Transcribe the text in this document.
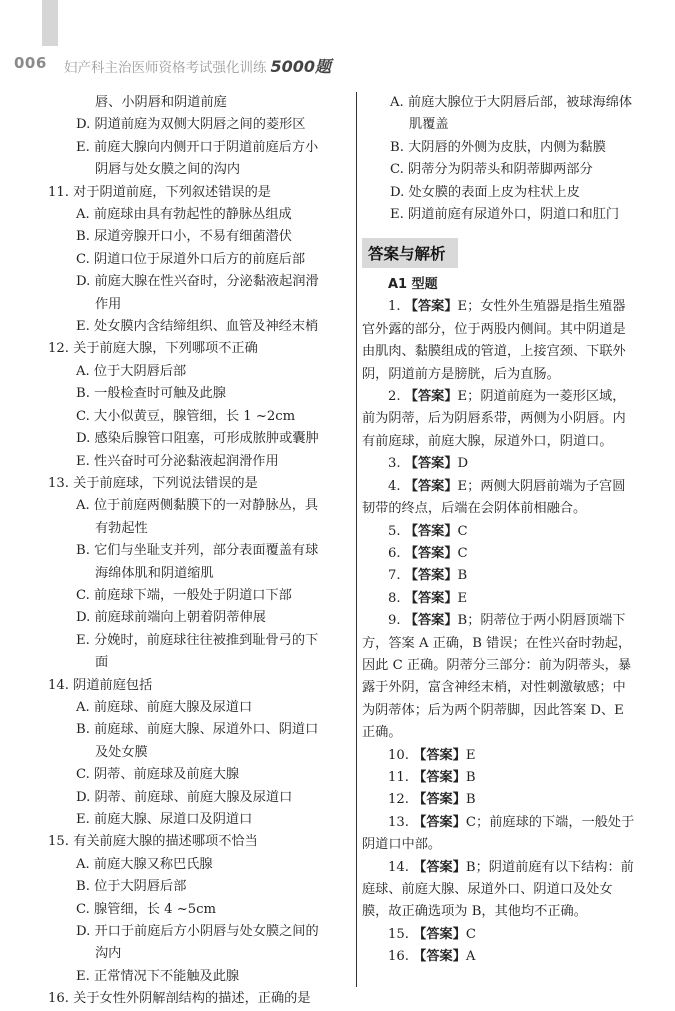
006 妇产科主治医师资格考试强化训练 5000题
唇、小阴唇和阴道前庭
D. 阴道前庭为双侧大阴唇之间的菱形区
E. 前庭大腺向内侧开口于阴道前庭后方小
阴唇与处女膜之间的沟内
11. 对于阴道前庭，下列叙述错误的是
A. 前庭球由具有勃起性的静脉丛组成
B. 尿道旁腺开口小，不易有细菌潜伏
C. 阴道口位于尿道外口后方的前庭后部
D. 前庭大腺在性兴奋时，分泌黏液起润滑
作用
E. 处女膜内含结缔组织、血管及神经末梢
12. 关于前庭大腺，下列哪项不正确
A. 位于大阴唇后部
B. 一般检查时可触及此腺
C. 大小似黄豆，腺管细，长 1 ~2cm
D. 感染后腺管口阻塞，可形成脓肿或囊肿
E. 性兴奋时可分泌黏液起润滑作用
13. 关于前庭球，下列说法错误的是
A. 位于前庭两侧黏膜下的一对静脉丛，具
有勃起性
B. 它们与坐耻支并列，部分表面覆盖有球
海绵体肌和阴道缩肌
C. 前庭球下端，一般处于阴道口下部
D. 前庭球前端向上朝着阴蒂伸展
E. 分娩时，前庭球往往被推到耻骨弓的下
面
14. 阴道前庭包括
A. 前庭球、前庭大腺及尿道口
B. 前庭球、前庭大腺、尿道外口、阴道口
及处女膜
C. 阴蒂、前庭球及前庭大腺
D. 阴蒂、前庭球、前庭大腺及尿道口
E. 前庭大腺、尿道口及阴道口
15. 有关前庭大腺的描述哪项不恰当
A. 前庭大腺又称巴氏腺
B. 位于大阴唇后部
C. 腺管细，长 4 ~5cm
D. 开口于前庭后方小阴唇与处女膜之间的
沟内
E. 正常情况下不能触及此腺
16. 关于女性外阴解剖结构的描述，正确的是
A. 前庭大腺位于大阴唇后部，被球海绵体
肌覆盖
B. 大阴唇的外侧为皮肤，内侧为黏膜
C. 阴蒂分为阴蒂头和阴蒂脚两部分
D. 处女膜的表面上皮为柱状上皮
E. 阴道前庭有尿道外口，阴道口和肛门
答案与解析
A1 型题
1. 【答案】E；女性外生殖器是指生殖器
官外露的部分，位于两股内侧间。其中阴道是
由肌肉、黏膜组成的管道，上接宫颈、下联外
阴，阴道前方是膀胱，后为直肠。
2. 【答案】E；阴道前庭为一菱形区域，
前为阴蒂，后为阴唇系带，两侧为小阴唇。内
有前庭球，前庭大腺，尿道外口，阴道口。
3. 【答案】D
4. 【答案】E；两侧大阴唇前端为子宫圆
韧带的终点，后端在会阴体前相融合。
5. 【答案】C
6. 【答案】C
7. 【答案】B
8. 【答案】E
9. 【答案】B；阴蒂位于两小阴唇顶端下
方，答案 A 正确，B 错误；在性兴奋时勃起，
因此 C 正确。阴蒂分三部分：前为阴蒂头，暴
露于外阴，富含神经末梢，对性刺激敏感；中
为阴蒂体；后为两个阴蒂脚，因此答案 D、E
正确。
10. 【答案】E
11. 【答案】B
12. 【答案】B
13. 【答案】C；前庭球的下端，一般处于
阴道口中部。
14. 【答案】B；阴道前庭有以下结构：前
庭球、前庭大腺、尿道外口、阴道口及处女
膜，故正确选项为 B，其他均不正确。
15. 【答案】C
16. 【答案】A
